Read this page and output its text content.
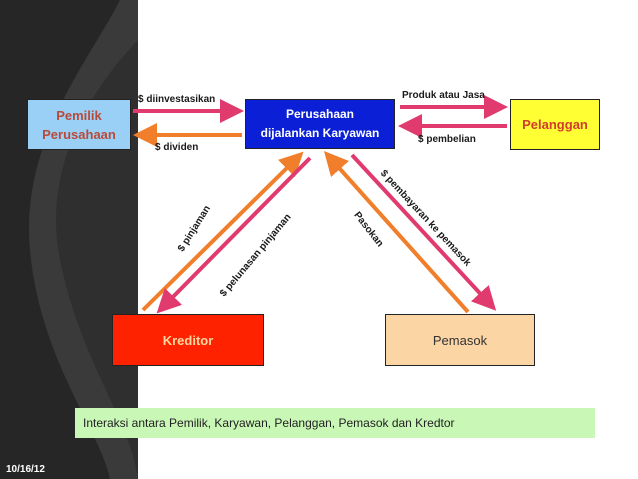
Pemilik
Perusahaan
Perusahaan
dijalankan Karyawan
Pelanggan
Kreditor	Pemasok
$ diinvestasikan
$ dividen
Produk atau Jasa
$ pembelian
$ pinjaman $ pelunasan pinjaman	Pasokan
$ pembayaran ke pemasok
Interaksi antara Pemilik, Karyawan, Pelanggan, Pemasok dan Kredtor
10/16/12
